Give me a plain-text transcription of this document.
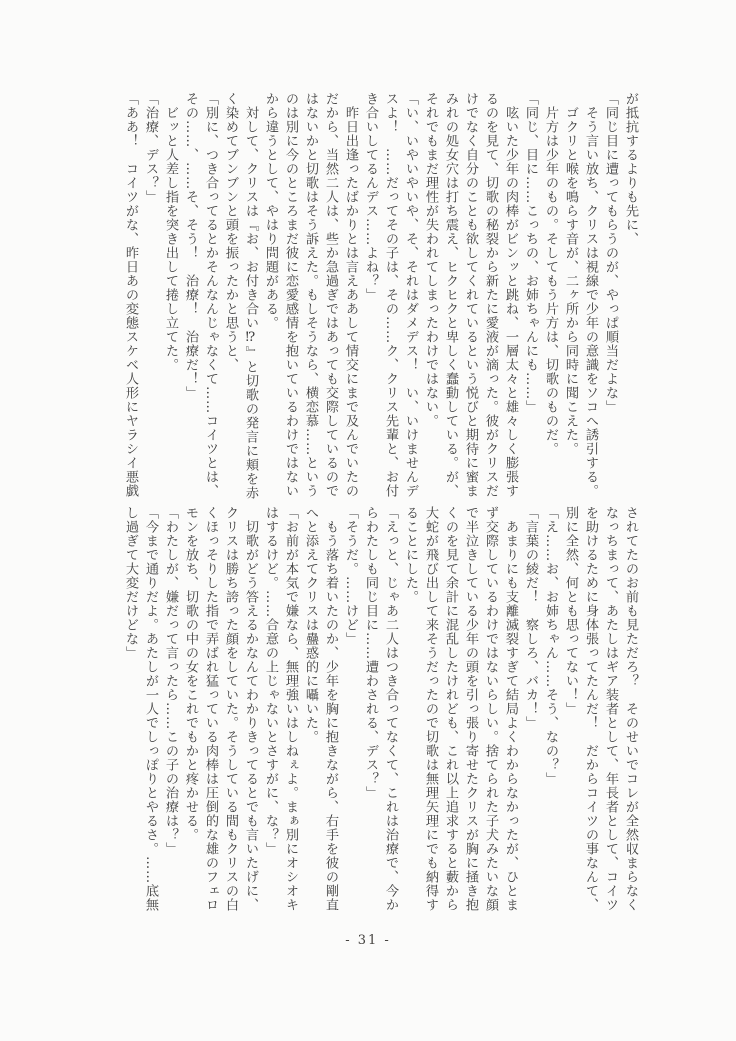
が抵抗するよりも先に、
「同じ目に遭ってもらうのが、やっぱ順当だよな」
　そう言い放ち、クリスは視線で少年の意識をソコへ誘引する。
　ゴクリと喉を鳴らす音が、二ヶ所から同時に聞こえた。
　片方は少年のもの。そしてもう片方は、切歌のものだ。
「同じ、目に……こっちの、お姉ちゃんにも……」
　呟いた少年の肉棒がビンッと跳ね、一層太々と雄々しく膨張す
るのを見て、切歌の秘裂から新たに愛液が滴った。彼がクリスだ
けでなく自分のことも欲してくれているという悦びと期待に蜜ま
みれの処女穴は打ち震え、ヒクヒクと卑しく蠢動している。が、
それでもまだ理性が失われてしまったわけではない。
「い、いやいやいや、そ、それはダメデス！　い、いけませんデ
スよ！　……だってその子は、その……ク、クリス先輩と、お付
き合いしてるんデス……よね？」
　昨日出逢ったばかりとは言えああして情交にまで及んでいたの
だから、当然二人は、些か急過ぎではあっても交際しているので
はないかと切歌はそう訴えた。もしそうなら、横恋慕……という
のは別に今のところまだ彼に恋愛感情を抱いているわけではない
から違うとして、やはり問題がある。
　対して、クリスは『お、お付き合い⁉』と切歌の発言に頬を赤
く染めてブンブンと頭を振ったかと思うと、
「別に、つき合ってるとかそんなんじゃなくて……コイツとは、
その……、……そ、そう！　治療！　治療だ！」
　ビッと人差し指を突き出して捲し立てた。
「治療、デス？」
「ああ！　コイツがな、昨日あの変態スケベ人形にヤラシイ悪戯
されてたのお前も見ただろ？　そのせいでコレが全然収まらなく
なっちまって、あたしはギア装者として、年長者として、コイツ
を助けるために身体張ってたんだ！　だからコイツの事なんて、
別に全然、何とも思ってない！」
「え……お、お姉ちゃん……そう、なの？」
「言葉の綾だ！　察しろ、バカ！」
　あまりにも支離滅裂すぎて結局よくわからなかったが、ひとま
ず交際しているわけではないらしい。捨てられた子犬みたいな顔
で半泣きしている少年の頭を引っ張り寄せたクリスが胸に掻き抱
くのを見て余計に混乱したけれども、これ以上追求すると藪から
大蛇が飛び出して来そうだったので切歌は無理矢理にでも納得す
ることにした。
「えっと、じゃあ二人はつき合ってなくて、これは治療で、今か
らわたしも同じ目に……遭わされる、デス？」
「そうだ。……けど」
　もう落ち着いたのか、少年を胸に抱きながら、右手を彼の剛直
へと添えてクリスは蠱惑的に囁いた。
「お前が本気で嫌なら、無理強いはしねぇよ。まぁ別にオシオキ
はするけど。……合意の上じゃないとさすがに、な？」
　切歌がどう答えるかなんてわかりきってるとでも言いたげに、
クリスは勝ち誇った顔をしていた。そうしている間もクリスの白
くほっそりした指で弄ばれ猛っている肉棒は圧倒的な雄のフェロ
モンを放ち、切歌の中の女をこれでもかと疼かせる。
「わたしが、嫌だって言ったら……この子の治療は？」
「今まで通りだよ。あたしが一人でしっぽりとやるさ。……底無
し過ぎて大変だけどな」
- 31 -
